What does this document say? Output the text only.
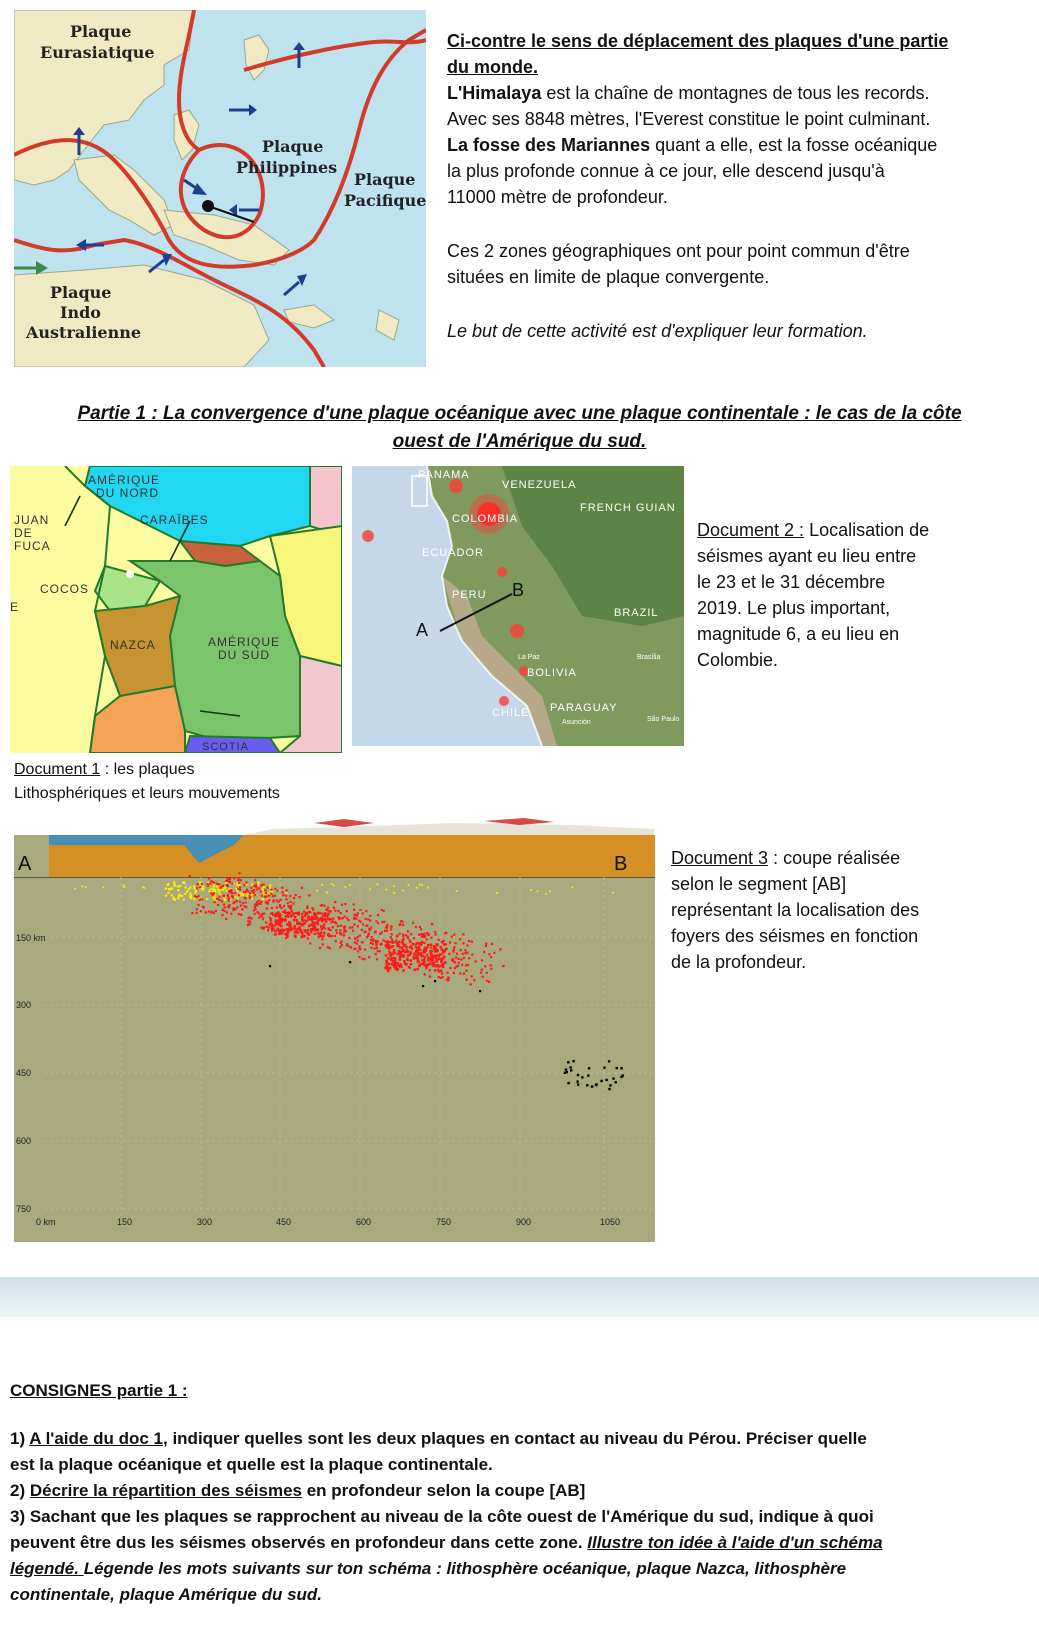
Plaque
Eurasiatique
Plaque
Philippines
Plaque
Pacifique
Plaque
Indo
Australienne

Ci-contre le sens de déplacement des plaques d'une partie

du monde.

L'Himalaya est la chaîne de montagnes de tous les records.

Avec ses 8848 mètres, l'Everest constitue le point culminant.

La fosse des Mariannes quant a elle, est la fosse océanique

la plus profonde connue à ce jour, elle descend jusqu'à

11000 mètre de profondeur.

Ces 2 zones géographiques ont pour point commun d'être

situées en limite de plaque convergente.

Le but de cette activité est d'expliquer leur formation.

Partie 1 : La convergence d'une plaque océanique avec une plaque continentale : le cas de la côte

ouest de l'Amérique du sud.

AMÉRIQUE
DU NORD
JUAN
DE
FUCA
CARAÏBES
COCOS
E
NAZCA	AMÉRIQUE
DU SUD
SCOTIA
A
B
PANAMA
VENEZUELA
FRENCH GUIAN
COLOMBIA
ECUADOR
PERU
BRAZIL
BOLIVIA
CHILE PARAGUAY
Brasília
La Paz
Asunción	São Paulo

Document 2 : Localisation de

séismes ayant eu lieu entre

le 23 et le 31 décembre

2019. Le plus important,

magnitude 6, a eu lieu en

Colombie.

Document 1 : les plaques

Lithosphériques et leurs mouvements

A	B
150 km
300
450
600
750
0 km	150	300	450	600	750	900	1050

Document 3 : coupe réalisée

selon le segment [AB]

représentant la localisation des

foyers des séismes en fonction

de la profondeur.

CONSIGNES partie 1 :

1) A l'aide du doc 1, indiquer quelles sont les deux plaques en contact au niveau du Pérou. Préciser quelle

est la plaque océanique et quelle est la plaque continentale.

2) Décrire la répartition des séismes en profondeur selon la coupe [AB]

3) Sachant que les plaques se rapprochent au niveau de la côte ouest de l'Amérique du sud, indique à quoi

peuvent être dus les séismes observés en profondeur dans cette zone. Illustre ton idée à l'aide d'un schéma

légendé. Légende les mots suivants sur ton schéma : lithosphère océanique, plaque Nazca, lithosphère

continentale, plaque Amérique du sud.
